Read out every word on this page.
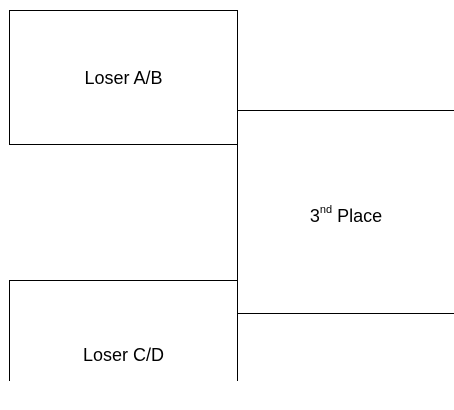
Loser A/B
3nd Place
Loser C/D
